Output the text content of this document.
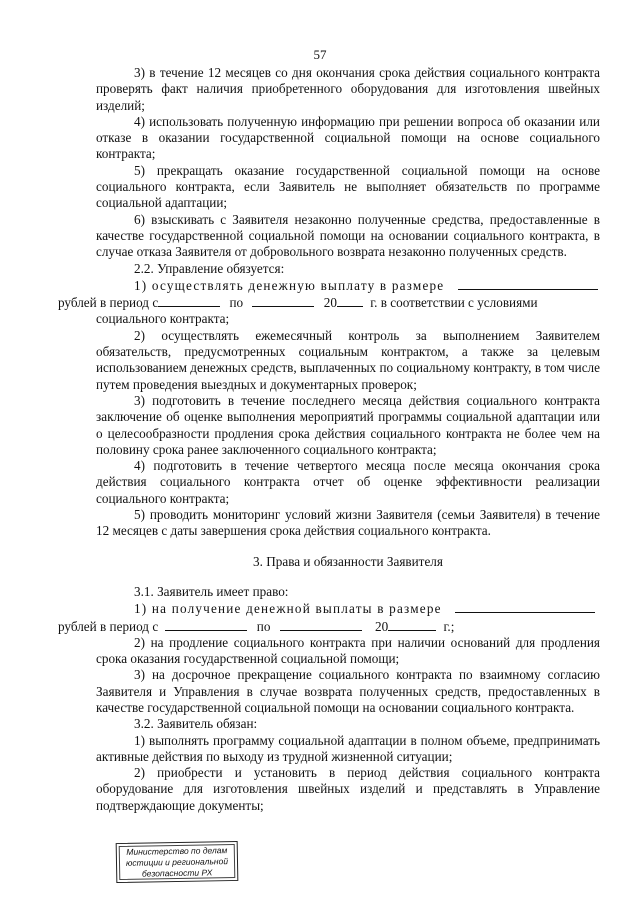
57

3) в течение 12 месяцев со дня окончания срока действия социального контракта проверять факт наличия приобретенного оборудования для изготовления швейных изделий;

4) использовать полученную информацию при решении вопроса об оказании или отказе в оказании государственной социальной помощи на основе социального контракта;

5) прекращать оказание государственной социальной помощи на основе социального контракта, если Заявитель не выполняет обязательств по программе социальной адаптации;

6) взыскивать с Заявителя незаконно полученные средства, предоставленные в качестве государственной социальной помощи на основании социального контракта, в случае отказа Заявителя от добровольного возврата незаконно полученных средств.

2.2. Управление обязуется:

1) осуществлять денежную выплату в размере
рублей в период с	по	20	г. в соответствии с условиями социального контракта;

2) осуществлять ежемесячный контроль за выполнением Заявителем обязательств, предусмотренных социальным контрактом, а также за целевым использованием денежных средств, выплаченных по социальному контракту, в том числе путем проведения выездных и документарных проверок;

3) подготовить в течение последнего месяца действия социального контракта заключение об оценке выполнения мероприятий программы социальной адаптации или о целесообразности продления срока действия социального контракта не более чем на половину срока ранее заключенного социального контракта;

4) подготовить в течение четвертого месяца после месяца окончания срока действия социального контракта отчет об оценке эффективности реализации социального контракта;

5) проводить мониторинг условий жизни Заявителя (семьи Заявителя) в течение 12 месяцев с даты завершения срока действия социального контракта.

3. Права и обязанности Заявителя

3.1. Заявитель имеет право:

1) на получение денежной выплаты в размере
рублей в период с	по	20	г.;

2) на продление социального контракта при наличии оснований для продления срока оказания государственной социальной помощи;

3) на досрочное прекращение социального контракта по взаимному согласию Заявителя и Управления в случае возврата полученных средств, предоставленных в качестве государственной социальной помощи на основании социального контракта.

3.2. Заявитель обязан:

1) выполнять программу социальной адаптации в полном объеме, предпринимать активные действия по выходу из трудной жизненной ситуации;

2) приобрести и установить в период действия социального контракта оборудование для изготовления швейных изделий и представлять в Управление подтверждающие документы;

Министерство по делам
юстиции и региональной
безопасности РХ
